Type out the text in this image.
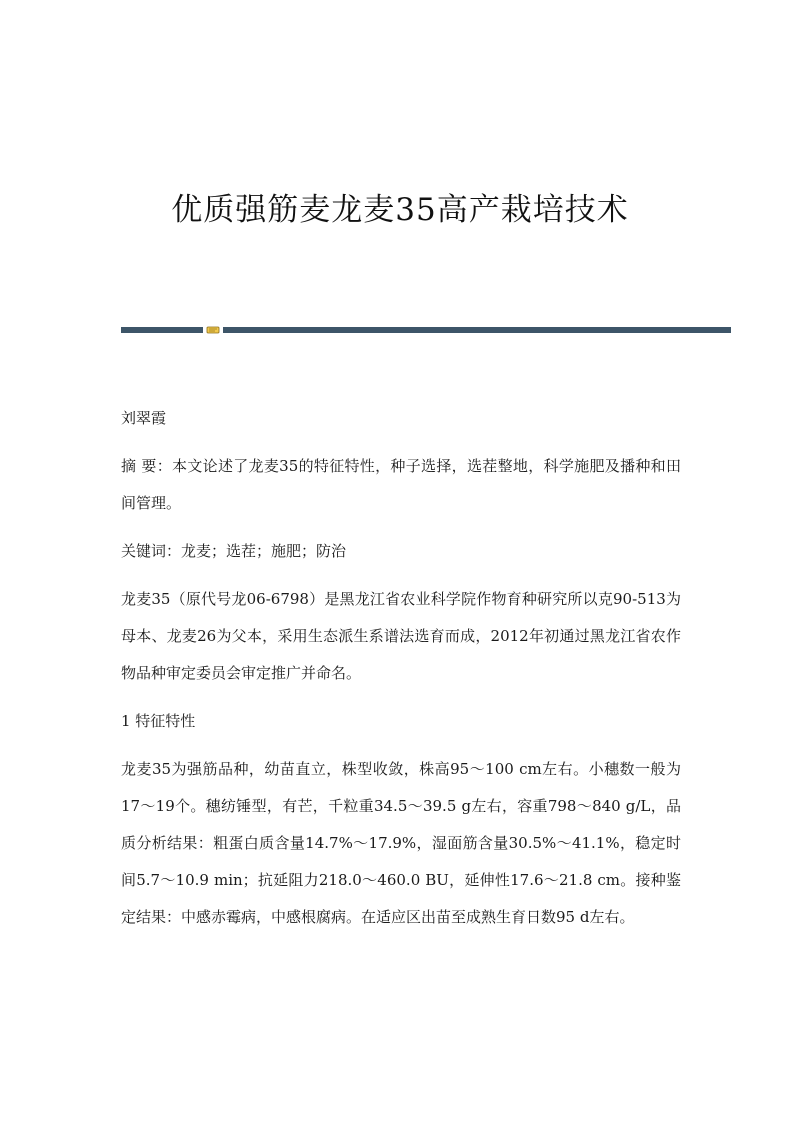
优质强筋麦龙麦35高产栽培技术

刘翠霞

摘 要：本文论述了龙麦35的特征特性，种子选择，选茬整地，科学施肥及播种和田间管理。

关键词：龙麦；选茬；施肥；防治

龙麦35（原代号龙06-6798）是黑龙江省农业科学院作物育种研究所以克90-513为母本、龙麦26为父本，采用生态派生系谱法选育而成，2012年初通过黑龙江省农作物品种审定委员会审定推广并命名。

1 特征特性

龙麦35为强筋品种，幼苗直立，株型收敛，株高95～100 cm左右。小穗数一般为17～19个。穗纺锤型，有芒，千粒重34.5～39.5 g左右，容重798～840 g/L，品质分析结果：粗蛋白质含量14.7%～17.9%，湿面筋含量30.5%～41.1%，稳定时间5.7～10.9 min；抗延阻力218.0～460.0 BU，延伸性17.6～21.8 cm。接种鉴定结果：中感赤霉病，中感根腐病。在适应区出苗至成熟生育日数95 d左右。
